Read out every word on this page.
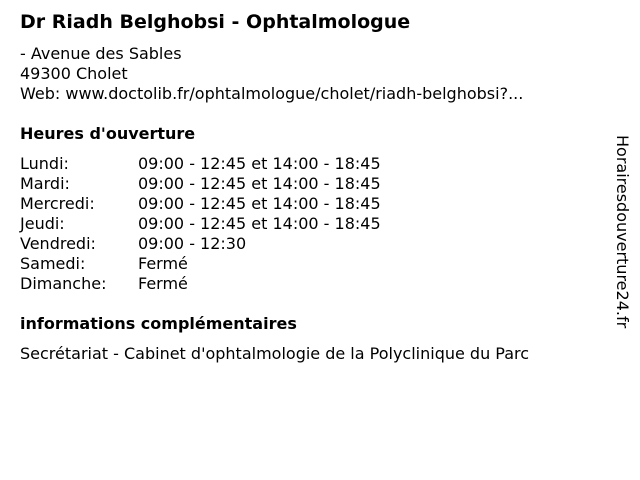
Dr Riadh Belghobsi - Ophtalmologue
- Avenue des Sables
49300 Cholet
Web: www.doctolib.fr/ophtalmologue/cholet/riadh-belghobsi?...
Heures d'ouverture
Lundi:	09:00 - 12:45 et 14:00 - 18:45
Mardi:	09:00 - 12:45 et 14:00 - 18:45
Mercredi:	09:00 - 12:45 et 14:00 - 18:45
Jeudi:	09:00 - 12:45 et 14:00 - 18:45
Vendredi:	09:00 - 12:30
Samedi:	Fermé
Dimanche: Fermé
informations complémentaires
Secrétariat - Cabinet d'ophtalmologie de la Polyclinique du Parc
Horairesdouverture24.fr
